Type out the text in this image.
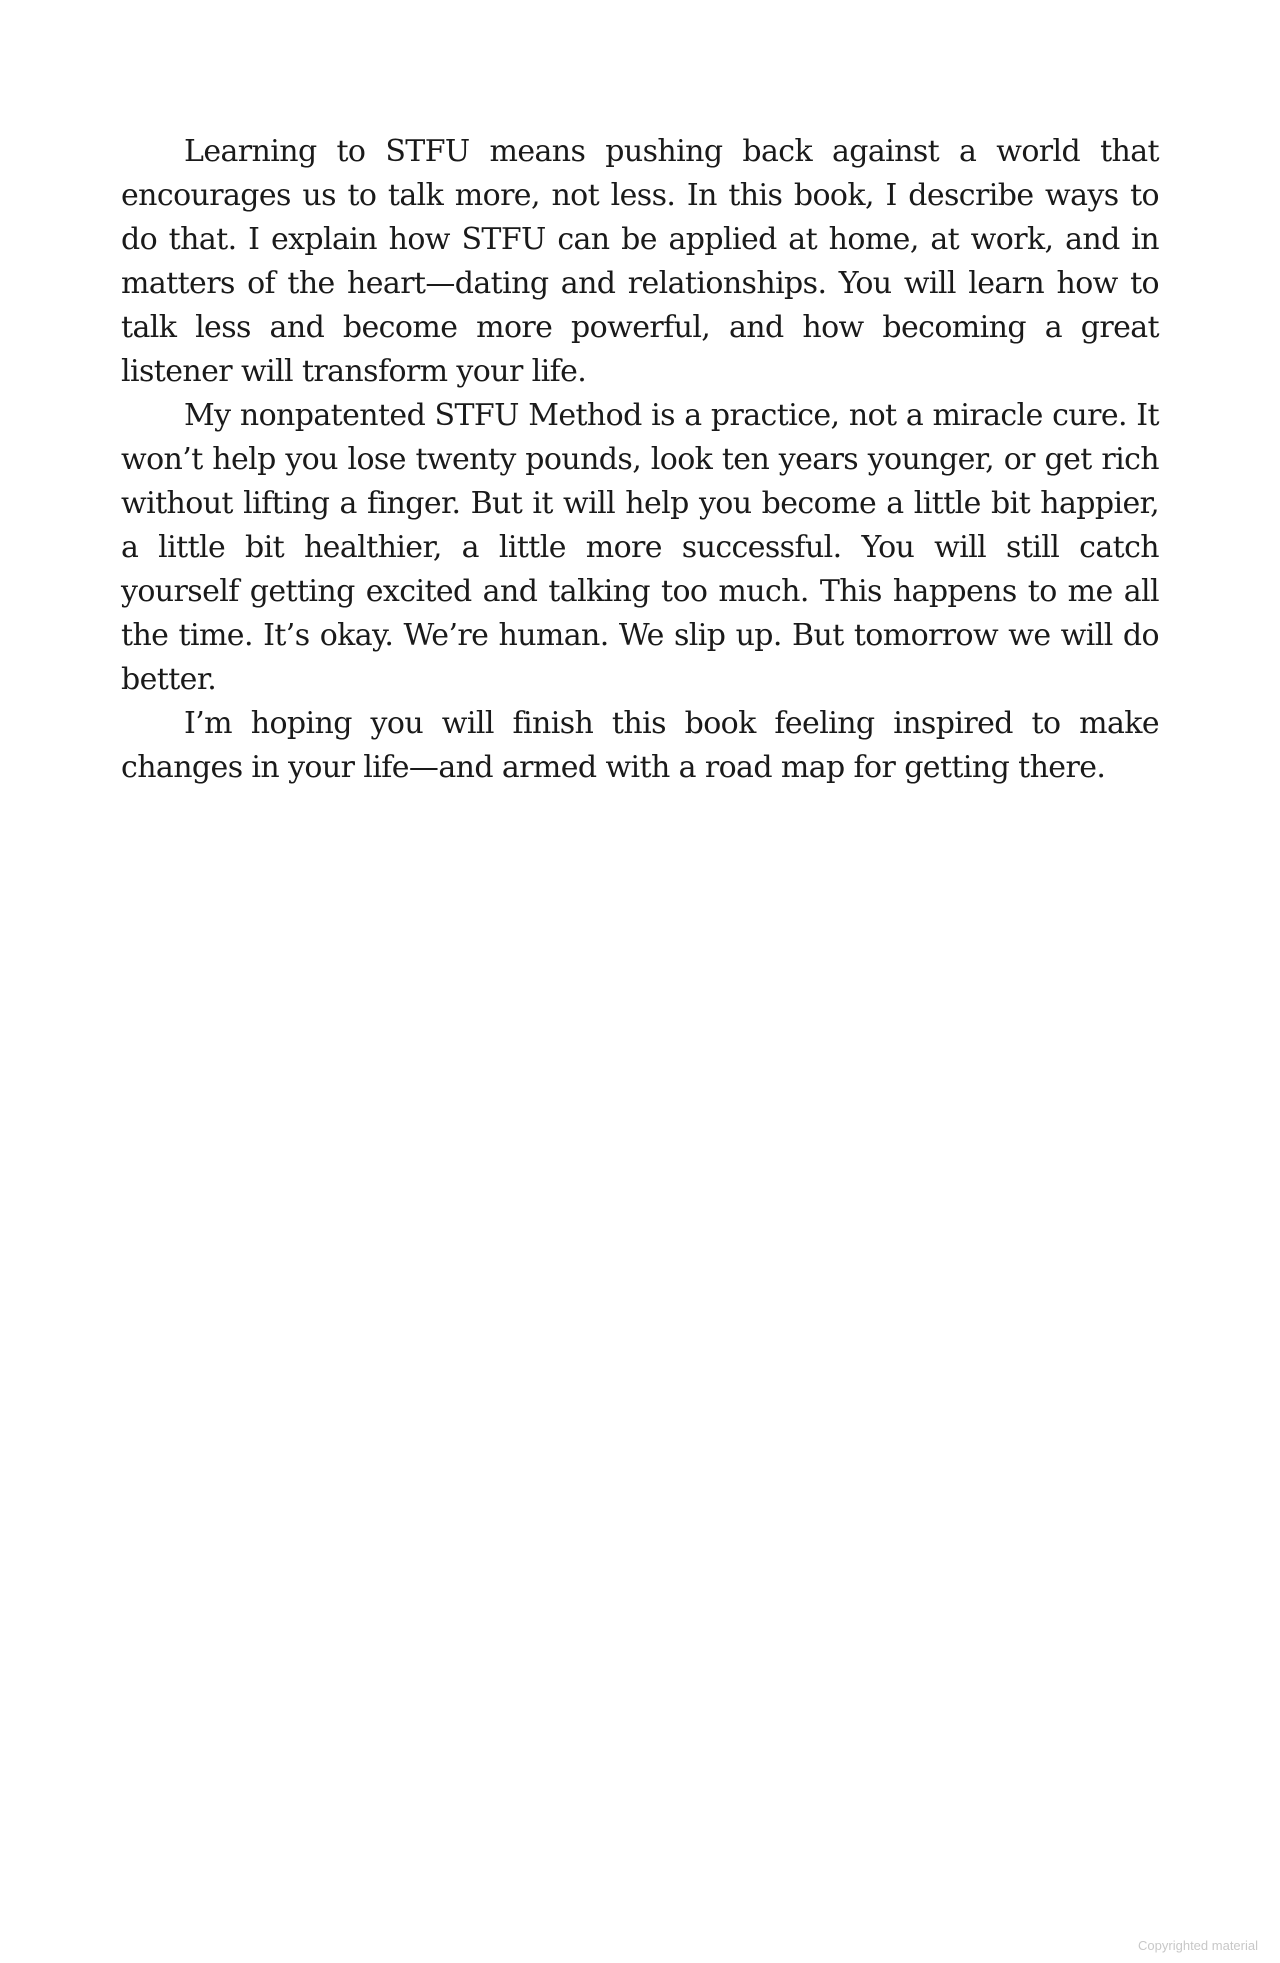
Learning to STFU means pushing back against a world that encourages us to talk more, not less. In this book, I describe ways to do that. I explain how STFU can be applied at home, at work, and in matters of the heart—dating and relationships. You will learn how to talk less and become more powerful, and how becoming a great listener will transform your life.

My nonpatented STFU Method is a practice, not a miracle cure. It won’t help you lose twenty pounds, look ten years younger, or get rich without lifting a finger. But it will help you become a little bit happier, a little bit healthier, a little more successful. You will still catch yourself getting excited and talking too much. This happens to me all the time. It’s okay. We’re human. We slip up. But tomorrow we will do better.

I’m hoping you will finish this book feeling inspired to make changes in your life—and armed with a road map for getting there.

Copyrighted material
